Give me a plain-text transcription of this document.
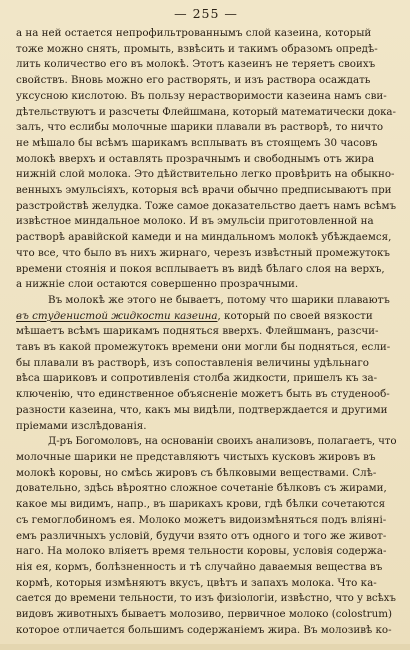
— 255 —
а на ней остается непрофильтрованнымъ слой казеина, который
тоже можно снять, промыть, взвѣсить и такимъ образомъ опредѣ-
лить количество его въ молокѣ. Этотъ казеинъ не теряетъ своихъ
свойствъ. Вновь можно его растворять, и изъ раствора осаждать
уксусною кислотою. Въ пользу нерастворимости казеина намъ сви-
дѣтельствуютъ и разсчеты Флейшмана, который математически дока-
залъ, что еслибы молочные шарики плавали въ растворѣ, то ничто
не мѣшало бы всѣмъ шарикамъ всплывать въ стоящемъ 30 часовъ
молокѣ вверхъ и оставлять прозрачнымъ и свободнымъ отъ жира
нижній слой молока. Это дѣйствительно легко провѣрить на обыкно-
венныхъ эмульсіяхъ, которыя всѣ врачи обычно предписываютъ при
разстройствѣ желудка. Тоже самое доказательство даетъ намъ всѣмъ
извѣстное миндальное молоко. И въ эмульсіи приготовленной на
растворѣ аравійской камеди и на миндальномъ молокѣ убѣждаемся,
что все, что было въ нихъ жирнаго, черезъ извѣстный промежутокъ
времени стоянія и покоя всплываетъ въ видѣ бѣлаго слоя на верхъ,
а нижніе слои остаются совершенно прозрачными.
Въ молокѣ же этого не бываетъ, потому что шарики плаваютъ
въ студенистой жидкости казеина, который по своей вязкости
мѣшаетъ всѣмъ шарикамъ подняться вверхъ. Флейшманъ, разсчи-
тавъ въ какой промежутокъ времени они могли бы подняться, если-
бы плавали въ растворѣ, изъ сопоставленія величины удѣльнаго
вѣса шариковъ и сопротивленія столба жидкости, пришелъ къ за-
ключенію, что единственное объясненіе можетъ быть въ студенооб-
разности казеина, что, какъ мы видѣли, подтверждается и другими
пріемами изслѣдованія.
Д-ръ Богомоловъ, на основаніи своихъ анализовъ, полагаетъ, что
молочные шарики не представляютъ чистыхъ кусковъ жировъ въ
молокѣ коровы, но смѣсь жировъ съ бѣлковыми веществами. Слѣ-
довательно, здѣсь вѣроятно сложное сочетаніе бѣлковъ съ жирами,
какое мы видимъ, напр., въ шарикахъ крови, гдѣ бѣлки сочетаются
съ гемоглобиномъ ея. Молоко можетъ видоизмѣняться подъ вліяні-
емъ различныхъ условій, будучи взято отъ одного и того же живот-
наго. На молоко вліяетъ время тельности коровы, условія содержа-
нія ея, кормъ, болѣзненность и тѣ случайно даваемыя вещества въ
кормѣ, которыя измѣняютъ вкусъ, цвѣтъ и запахъ молока. Что ка-
сается до времени тельности, то изъ физіологіи, извѣстно, что у всѣхъ
видовъ животныхъ бываетъ молозиво, первичное молоко (colostrum)
которое отличается большимъ содержаніемъ жира. Въ молозивѣ ко-
